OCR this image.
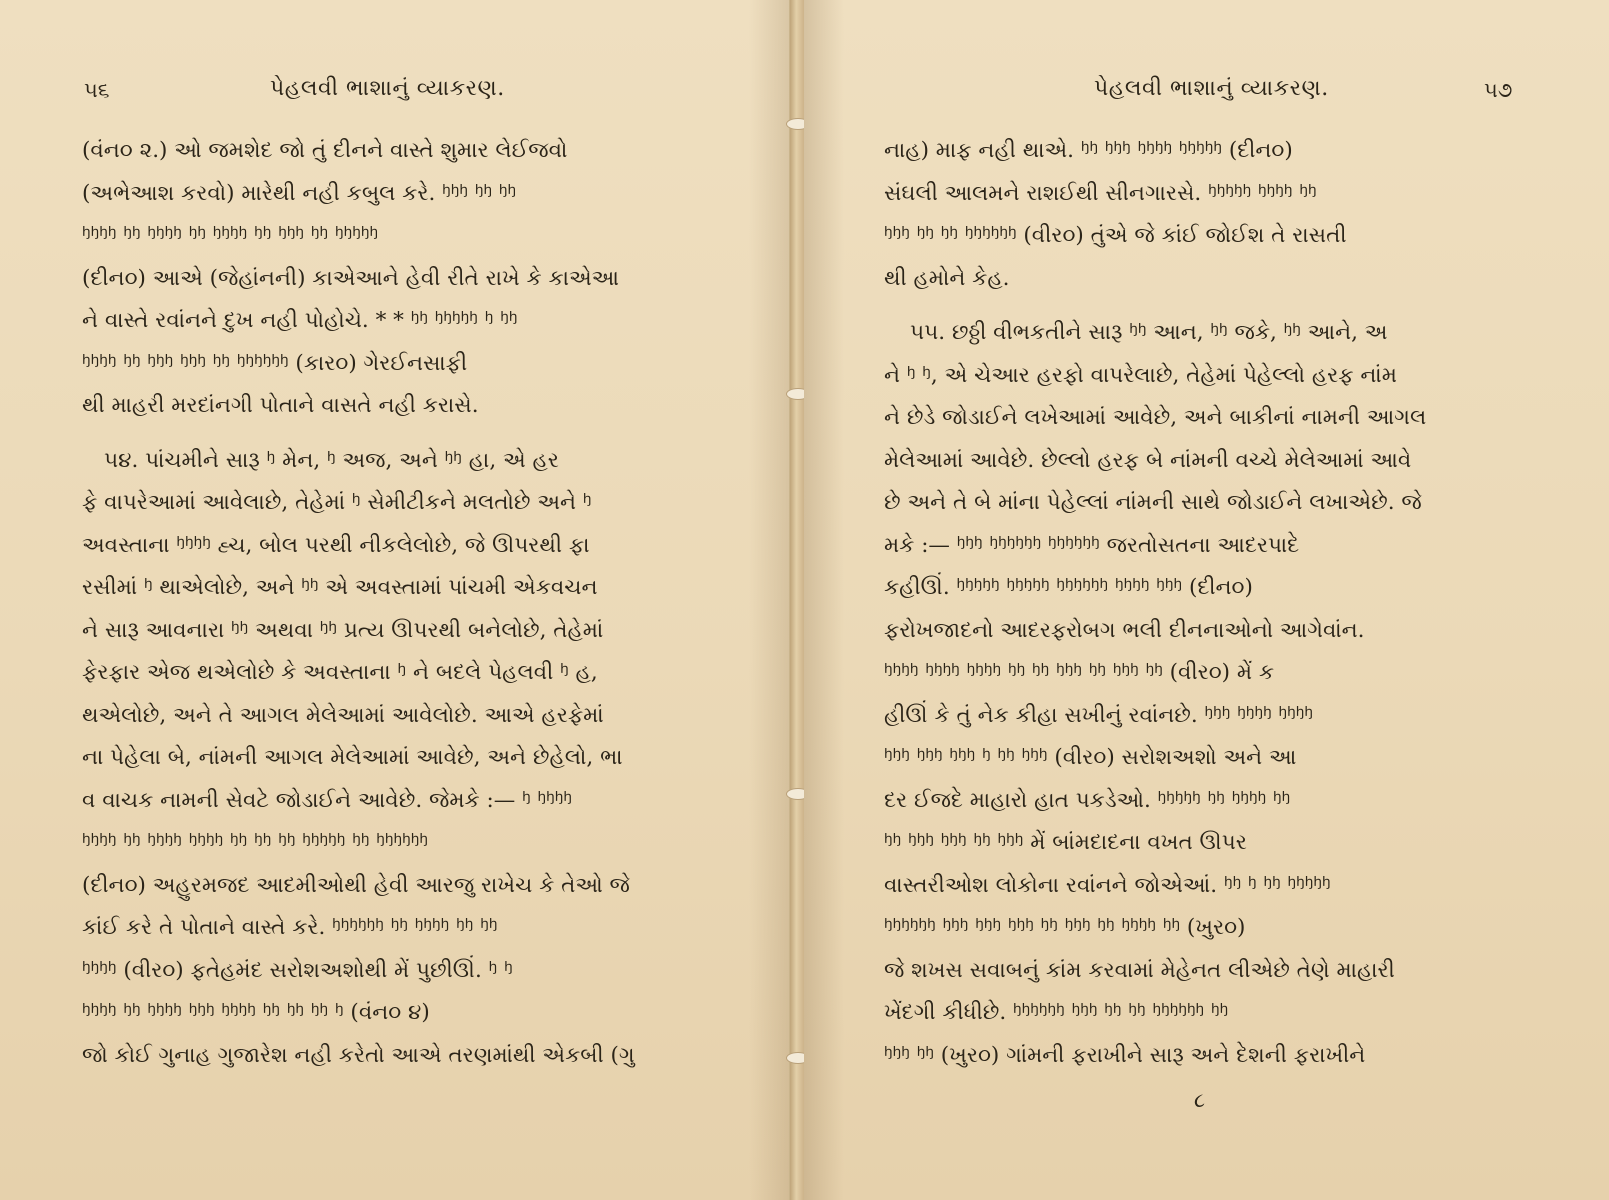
૫૬	પેહલવી ભાશાનું વ્યાકરણ.
(વંન૦ ૨.) ઓ જમશેદ જો તું દીનને વાસ્તે શુમાર લેઈજવો
(અભેઆશ કરવો) મારેથી નહી કબુલ કરે. ꭜꭜꭜ ꭜꭜ ꭜꭜ
ꭜꭜꭜꭜ ꭜꭜ ꭜꭜꭜꭜ ꭜꭜ ꭜꭜꭜꭜ ꭜꭜ ꭜꭜꭜ ꭜꭜ ꭜꭜꭜꭜꭜ
(દીન૦) આએ (જેહાંનની) કાએઆને હેવી રીતે રાખે કે કાએઆ
ને વાસ્તે રવાંનને દુખ નહી પોહોચે. * * ꭜꭜ ꭜꭜꭜꭜꭜ ꭜ ꭜꭜ
ꭜꭜꭜꭜ ꭜꭜ ꭜꭜꭜ ꭜꭜꭜ ꭜꭜ ꭜꭜꭜꭜꭜꭜ (કાર૦) ગેરઈનસાફી
થી માહરી મરદાંનગી પોતાને વાસતે નહી કરાસે.
૫૪. પાંચમીને સારૂ ꭜ મેન, ꭜ અજ, અને ꭜꭜ હા, એ હર
ફે વાપરેઆમાં આવેલાછે, તેહેમાં ꭜ સેમીટીકને મલતોછે અને ꭜ
અવસ્તાના ꭜꭜꭜꭜ હ્ચ, બોલ પરથી નીકલેલોછે, જે ઊપરથી ફા
રસીમાં ꭜ થાએલોછે, અને ꭜꭜ એ અવસ્તામાં પાંચમી એકવચન
ને સારૂ આવનારા ꭜꭜ અથવા ꭜꭜ પ્રત્ય ઊપરથી બનેલોછે, તેહેમાં
ફેરફાર એજ થએલોછે કે અવસ્તાના ꭜ ને બદલે પેહલવી ꭜ હ,
થએલોછે, અને તે આગલ મેલેઆમાં આવેલોછે. આએ હરફેમાં
ના પેહેલા બે, નાંમની આગલ મેલેઆમાં આવેછે, અને છેહેલો, ભા
વ વાચક નામની સેવટે જોડાઈને આવેછે. જેમકે :— ꭜ ꭜꭜꭜꭜ
ꭜꭜꭜꭜ ꭜꭜ ꭜꭜꭜꭜ ꭜꭜꭜꭜ ꭜꭜ ꭜꭜ ꭜꭜ ꭜꭜꭜꭜꭜ ꭜꭜ ꭜꭜꭜꭜꭜꭜ
(દીન૦) અહુરમજદ આદમીઓથી હેવી આરજુ રાખેચ કે તેઓ જે
કાંઈ કરે તે પોતાને વાસ્તે કરે. ꭜꭜꭜꭜꭜꭜ ꭜꭜ ꭜꭜꭜꭜ ꭜꭜ ꭜꭜ
ꭜꭜꭜꭜ (વીર૦) ફતેહમંદ સરોશઅશોથી મેં પુછીઊં. ꭜ ꭜ
ꭜꭜꭜꭜ ꭜꭜ ꭜꭜꭜꭜ ꭜꭜꭜ ꭜꭜꭜꭜ ꭜꭜ ꭜꭜ ꭜꭜ ꭜ (વંન૦ ૪)
જો કોઈ ગુનાહ ગુજારેશ નહી કરેતો આએ તરણમાંથી એકબી (ગુ
પેહલવી ભાશાનું વ્યાકરણ.	૫૭
નાહ) માફ નહી થાએ. ꭜꭜ ꭜꭜꭜ ꭜꭜꭜꭜ ꭜꭜꭜꭜꭜ (દીન૦)
સંઘલી આલમને રાશઈથી સીનગારસે. ꭜꭜꭜꭜꭜ ꭜꭜꭜꭜ ꭜꭜ
ꭜꭜꭜ ꭜꭜ ꭜꭜ ꭜꭜꭜꭜꭜꭜ (વીર૦) તુંએ જે કાંઈ જોઈશ તે રાસતી
થી હમોને કેહ.
૫૫. છઠ્ઠી વીભકતીને સારૂ ꭜꭜ આન, ꭜꭜ જકે, ꭜꭜ આને, અ
ને ꭜ ꭜ, એ ચેઆર હરફો વાપરેલાછે, તેહેમાં પેહેલ્લો હરફ નાંમ
ને છેડે જોડાઈને લખેઆમાં આવેછે, અને બાકીનાં નામની આગલ
મેલેઆમાં આવેછે. છેલ્લો હરફ બે નાંમની વચ્ચે મેલેઆમાં આવે
છે અને તે બે માંના પેહેલ્લાં નાંમની સાથે જોડાઈને લખાએછે. જે
મકે :— ꭜꭜꭜ ꭜꭜꭜꭜꭜꭜ ꭜꭜꭜꭜꭜꭜ જરતોસતના આદરપાદે
કહીઊં. ꭜꭜꭜꭜꭜ ꭜꭜꭜꭜꭜ ꭜꭜꭜꭜꭜꭜ ꭜꭜꭜꭜ ꭜꭜꭜ (દીન૦)
ફરોખજાદનો આદરફરોબગ ભલી દીનનાઓનો આગેવાંન.
ꭜꭜꭜꭜ ꭜꭜꭜꭜ ꭜꭜꭜꭜ ꭜꭜ ꭜꭜ ꭜꭜꭜ ꭜꭜ ꭜꭜꭜ ꭜꭜ (વીર૦) મેં ક
હીઊં કે તું નેક કીહા સખીનું રવાંનછે. ꭜꭜꭜ ꭜꭜꭜꭜ ꭜꭜꭜꭜ
ꭜꭜꭜ ꭜꭜꭜ ꭜꭜꭜ ꭜ ꭜꭜ ꭜꭜꭜ (વીર૦) સરોશઅશો અને આ
દર ઈજદે માહારો હાત પકડેઓ. ꭜꭜꭜꭜꭜ ꭜꭜ ꭜꭜꭜꭜ ꭜꭜ
ꭜꭜ ꭜꭜꭜ ꭜꭜꭜ ꭜꭜ ꭜꭜꭜ મેં બાંમદાદના વખત ઊપર
વાસ્તરીઓશ લોકોના રવાંનને જોએઆં. ꭜꭜ ꭜ ꭜꭜ ꭜꭜꭜꭜꭜ
ꭜꭜꭜꭜꭜꭜ ꭜꭜꭜ ꭜꭜꭜ ꭜꭜꭜ ꭜꭜ ꭜꭜꭜ ꭜꭜ ꭜꭜꭜꭜ ꭜꭜ (ખુર૦)
જે શખસ સવાબનું કાંમ કરવામાં મેહેનત લીએછે તેણે માહારી
ખેંદગી કીધીછે. ꭜꭜꭜꭜꭜꭜ ꭜꭜꭜ ꭜꭜ ꭜꭜ ꭜꭜꭜꭜꭜꭜ ꭜꭜ
ꭜꭜꭜ ꭜꭜ (ખુર૦) ગાંમની ફરાખીને સારૂ અને દેશની ફરાખીને
૮
